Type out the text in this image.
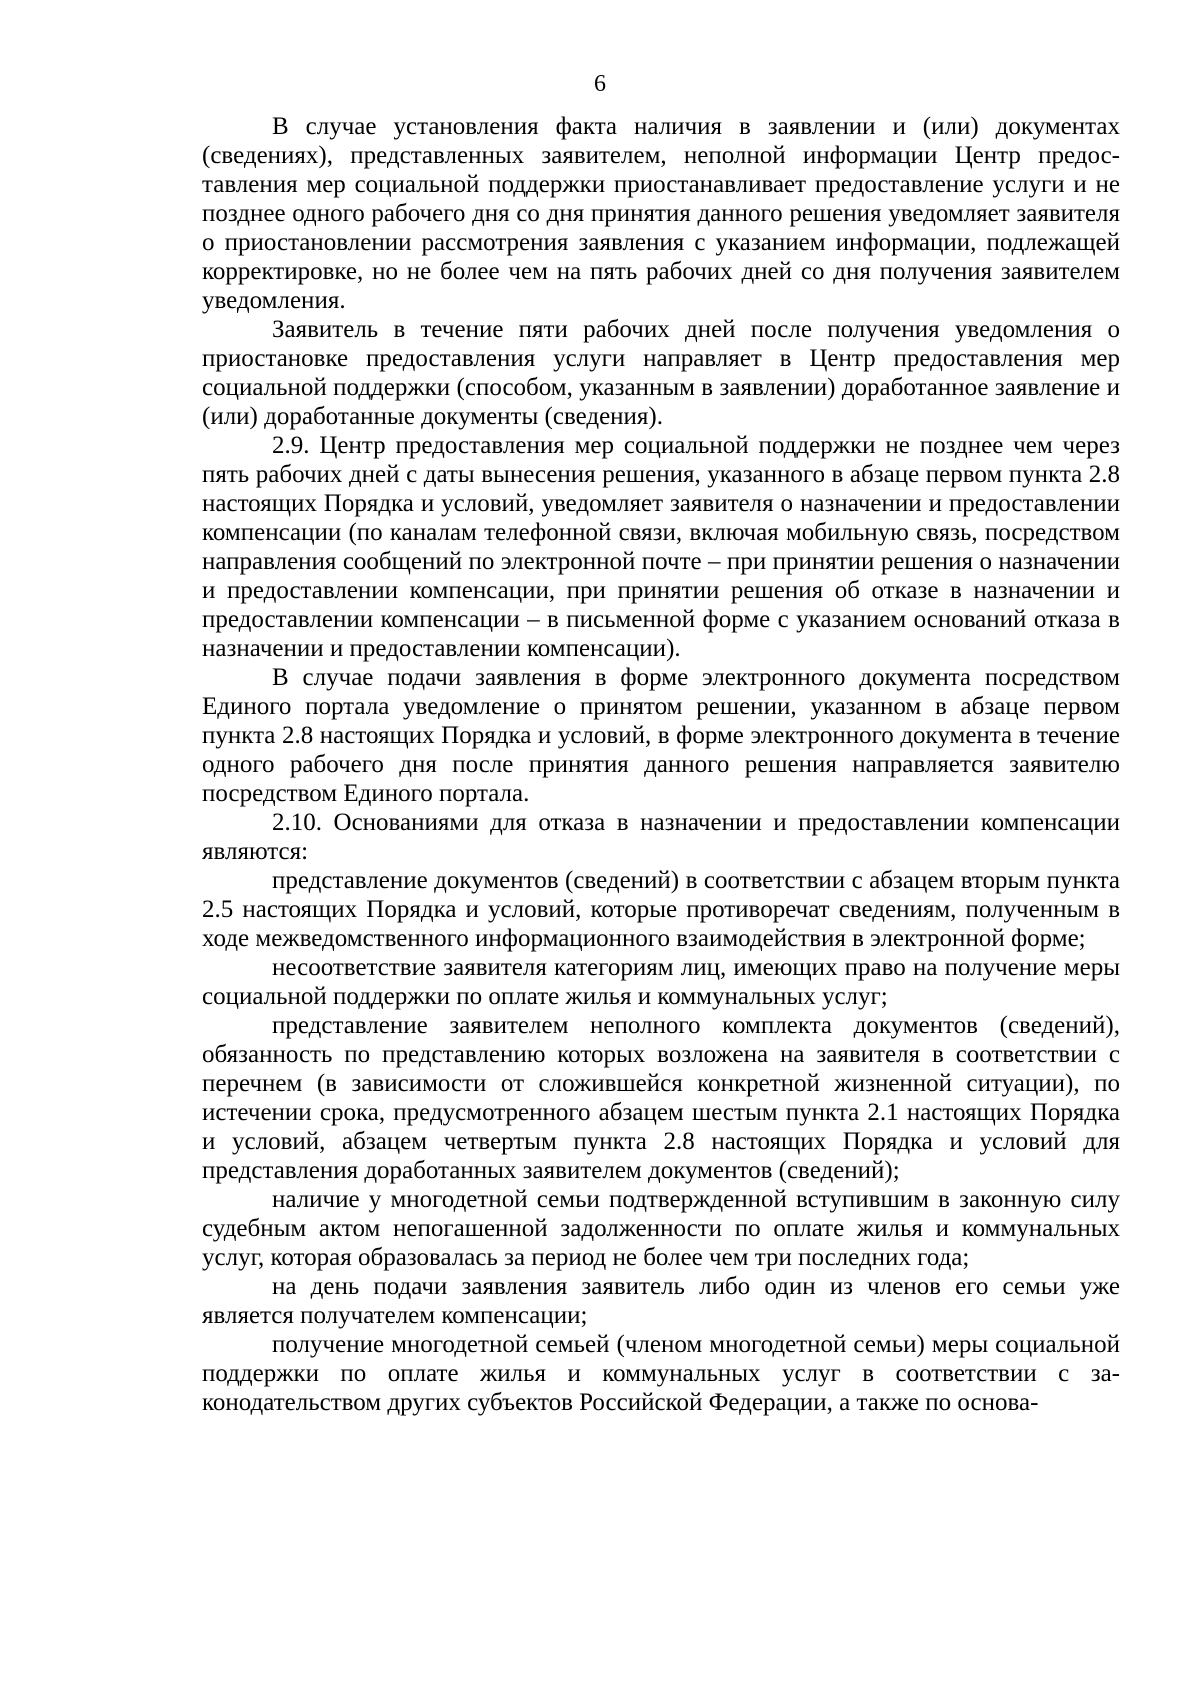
6

В случае установления факта наличия в заявлении и (или) документах (сведениях), представленных заявителем, неполной информации Центр предоставления мер социальной поддержки приостанавливает предоставление услуги и не позднее одного рабочего дня со дня принятия данного решения уведомляет заявителя о приостановлении рассмотрения заявления с указанием информации, подлежащей корректировке, но не более чем на пять рабочих дней со дня получения заявителем уведомления.

Заявитель в течение пяти рабочих дней после получения уведомления о приостановке предоставления услуги направляет в Центр предоставления мер социальной поддержки (способом, указанным в заявлении) доработанное заявление и (или) доработанные документы (сведения).

2.9. Центр предоставления мер социальной поддержки не позднее чем через пять рабочих дней с даты вынесения решения, указанного в абзаце первом пункта 2.8 настоящих Порядка и условий, уведомляет заявителя о назначении и предоставлении компенсации (по каналам телефонной связи, включая мобильную связь, посредством направления сообщений по электронной почте – при принятии решения о назначении и предоставлении компенсации, при принятии решения об отказе в назначении и предоставлении компенсации – в письменной форме с указанием оснований отказа в назначении и предоставлении компенсации).

В случае подачи заявления в форме электронного документа посредством Единого портала уведомление о принятом решении, указанном в абзаце первом пункта 2.8 настоящих Порядка и условий, в форме электронного документа в течение одного рабочего дня после принятия данного решения направляется заявителю посредством Единого портала.

2.10. Основаниями для отказа в назначении и предоставлении компенсации являются:

представление документов (сведений) в соответствии с абзацем вторым пункта 2.5 настоящих Порядка и условий, которые противоречат сведениям, полученным в ходе межведомственного информационного взаимодействия в электронной форме;

несоответствие заявителя категориям лиц, имеющих право на получение меры социальной поддержки по оплате жилья и коммунальных услуг;

представление заявителем неполного комплекта документов (сведений), обязанность по представлению которых возложена на заявителя в соответствии с перечнем (в зависимости от сложившейся конкретной жизненной ситуации), по истечении срока, предусмотренного абзацем шестым пункта 2.1 настоящих Порядка и условий, абзацем четвертым пункта 2.8 настоящих Порядка и условий для представления доработанных заявителем документов (сведений);

наличие у многодетной семьи подтвержденной вступившим в законную силу судебным актом непогашенной задолженности по оплате жилья и коммунальных услуг, которая образовалась за период не более чем три последних года;

на день подачи заявления заявитель либо один из членов его семьи уже является получателем компенсации;

получение многодетной семьей (членом многодетной семьи) меры социальной поддержки по оплате жилья и коммунальных услуг в соответствии с законодательством других субъектов Российской Федерации, а также по основа-
